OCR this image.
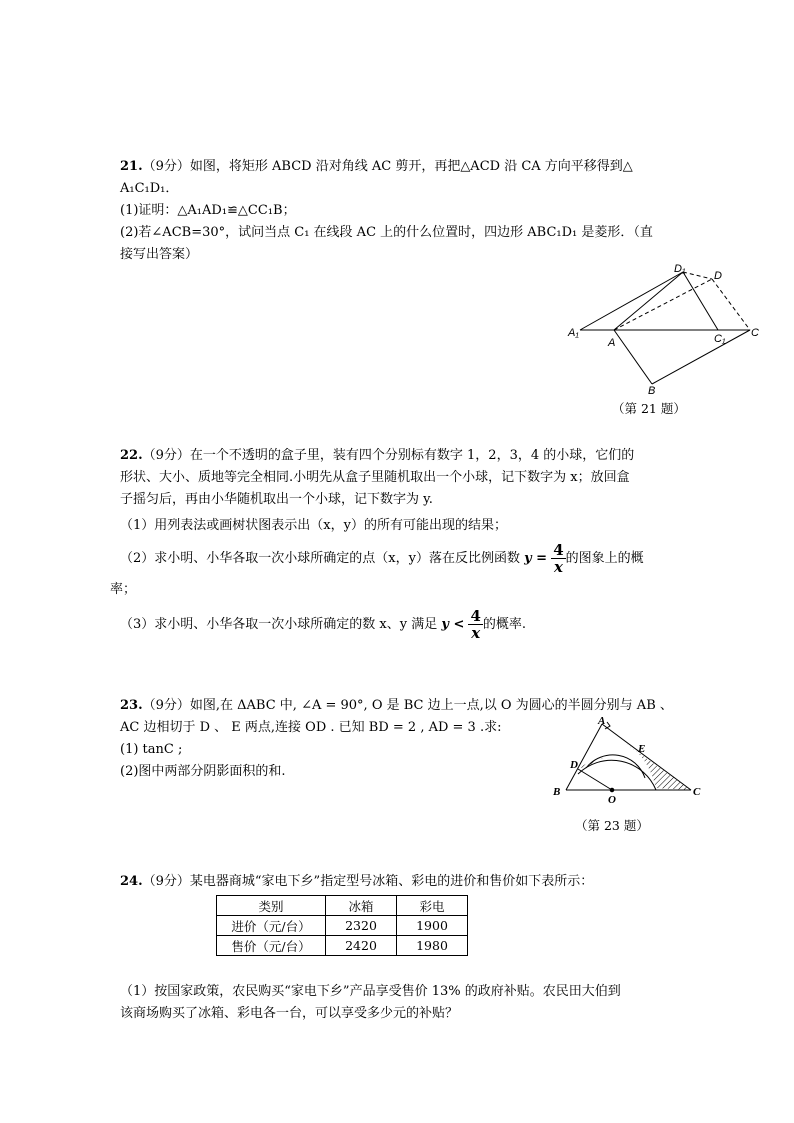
21.（9分）如图，将矩形 ABCD 沿对角线 AC 剪开，再把△ACD 沿 CA 方向平移得到△
A₁C₁D₁．
(1)证明：△A₁AD₁≌△CC₁B；
(2)若∠ACB=30°，试问当点 C₁ 在线段 AC 上的什么位置时，四边形 ABC₁D₁ 是菱形．（直
接写出答案）
D₁
D
A₁
A	C₁ C
B
（第 21 题）
22.（9分）在一个不透明的盒子里，装有四个分别标有数字 1，2，3，4 的小球，它们的
形状、大小、质地等完全相同.小明先从盒子里随机取出一个小球，记下数字为 x；放回盒
子摇匀后，再由小华随机取出一个小球，记下数字为 y.
（1）用列表法或画树状图表示出（x，y）的所有可能出现的结果；
（2）求小明、小华各取一次小球所确定的点（x，y）落在反比例函数 $y = \frac{4}{x}$ 的图象上的概
率；
（3）求小明、小华各取一次小球所确定的数 x、y 满足 $y < \frac{4}{x}$ 的概率.
23.（9分）如图,在 ΔABC 中, ∠A = 90°, O 是 BC 边上一点,以 O 为圆心的半圆分别与 AB 、
AC 边相切于 D 、 E 两点,连接 OD . 已知 BD = 2 , AD = 3 .求:
(1) tanC ;
(2)图中两部分阴影面积的和.
A
B	C
D
E
O
（第 23 题）
24.（9分）某电器商城“家电下乡”指定型号冰箱、彩电的进价和售价如下表所示：
类别	冰箱	彩电
进价（元/台）	2320	1900
售价（元/台）	2420	1980
（1）按国家政策，农民购买“家电下乡”产品享受售价 13% 的政府补贴。农民田大伯到
该商场购买了冰箱、彩电各一台，可以享受多少元的补贴？
